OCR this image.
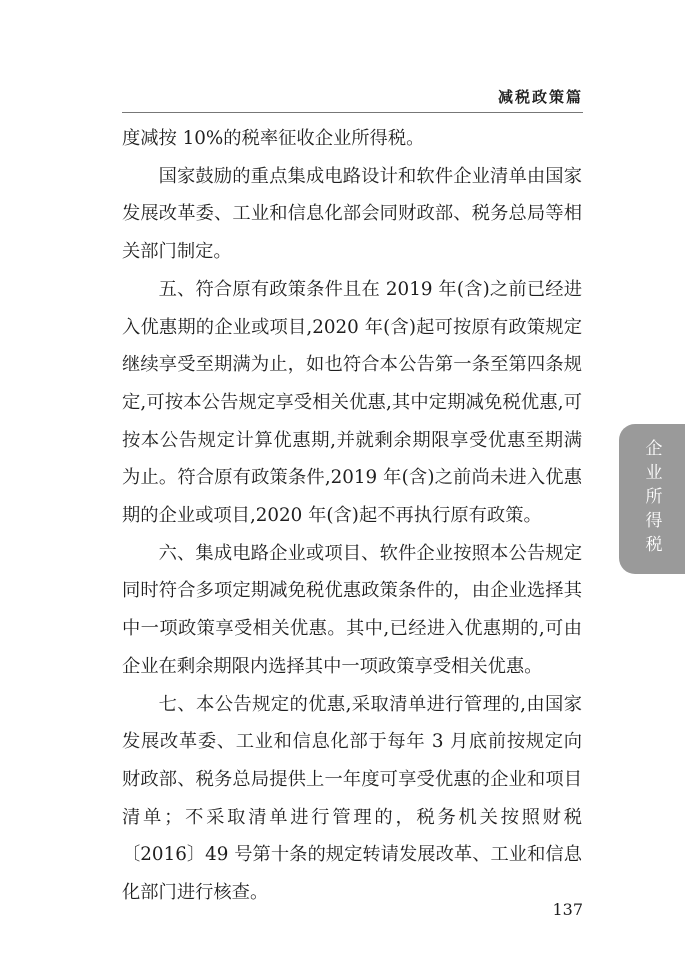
减税政策篇

度减按 10%的税率征收企业所得税。

国家鼓励的重点集成电路设计和软件企业清单由国家发展改革委、工业和信息化部会同财政部、税务总局等相关部门制定。

五、符合原有政策条件且在 2019 年(含)之前已经进入优惠期的企业或项目,2020 年(含)起可按原有政策规定继续享受至期满为止，如也符合本公告第一条至第四条规定,可按本公告规定享受相关优惠,其中定期减免税优惠,可按本公告规定计算优惠期,并就剩余期限享受优惠至期满为止。符合原有政策条件,2019 年(含)之前尚未进入优惠期的企业或项目,2020 年(含)起不再执行原有政策。

六、集成电路企业或项目、软件企业按照本公告规定同时符合多项定期减免税优惠政策条件的，由企业选择其中一项政策享受相关优惠。其中,已经进入优惠期的,可由企业在剩余期限内选择其中一项政策享受相关优惠。

七、本公告规定的优惠,采取清单进行管理的,由国家发展改革委、工业和信息化部于每年 3 月底前按规定向财政部、税务总局提供上一年度可享受优惠的企业和项目清单；不采取清单进行管理的，税务机关按照财税〔2016〕49 号第十条的规定转请发展改革、工业和信息化部门进行核查。

企业所得税
137
